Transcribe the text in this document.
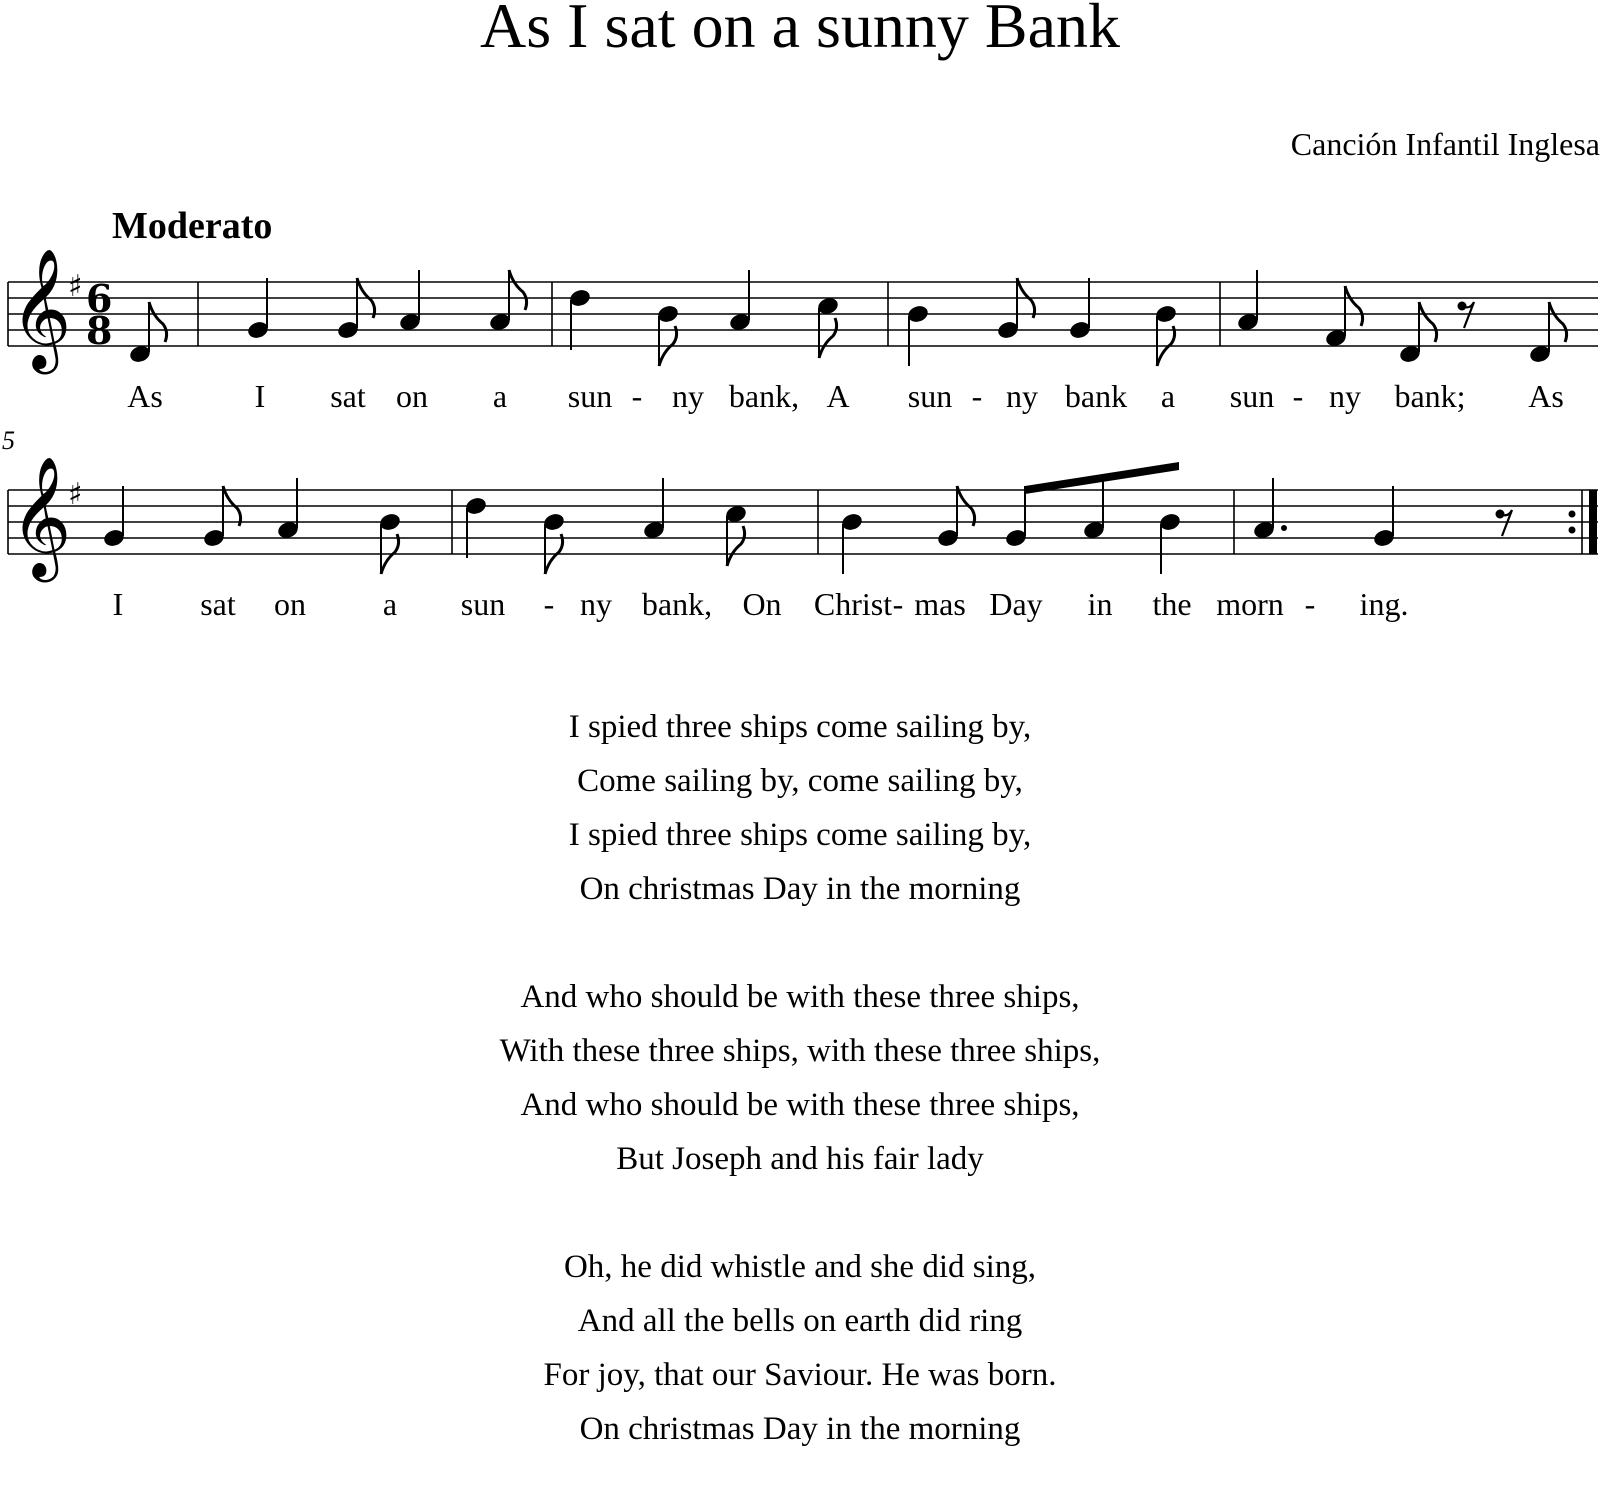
As I sat on a sunny Bank
Canción Infantil Inglesa
Moderato
5
𝄞
♯ 6
8
𝄞
♯
As	I sat on a sun - ny bank, A sun - ny bank a sun - ny bank; As
I sat on a sun - ny bank, On Christ - mas Day in the morn - ing.
I spied three ships come sailing by,
Come sailing by, come sailing by,
I spied three ships come sailing by,
On christmas Day in the morning
And who should be with these three ships,
With these three ships, with these three ships,
And who should be with these three ships,
But Joseph and his fair lady
Oh, he did whistle and she did sing,
And all the bells on earth did ring
For joy, that our Saviour. He was born.
On christmas Day in the morning
